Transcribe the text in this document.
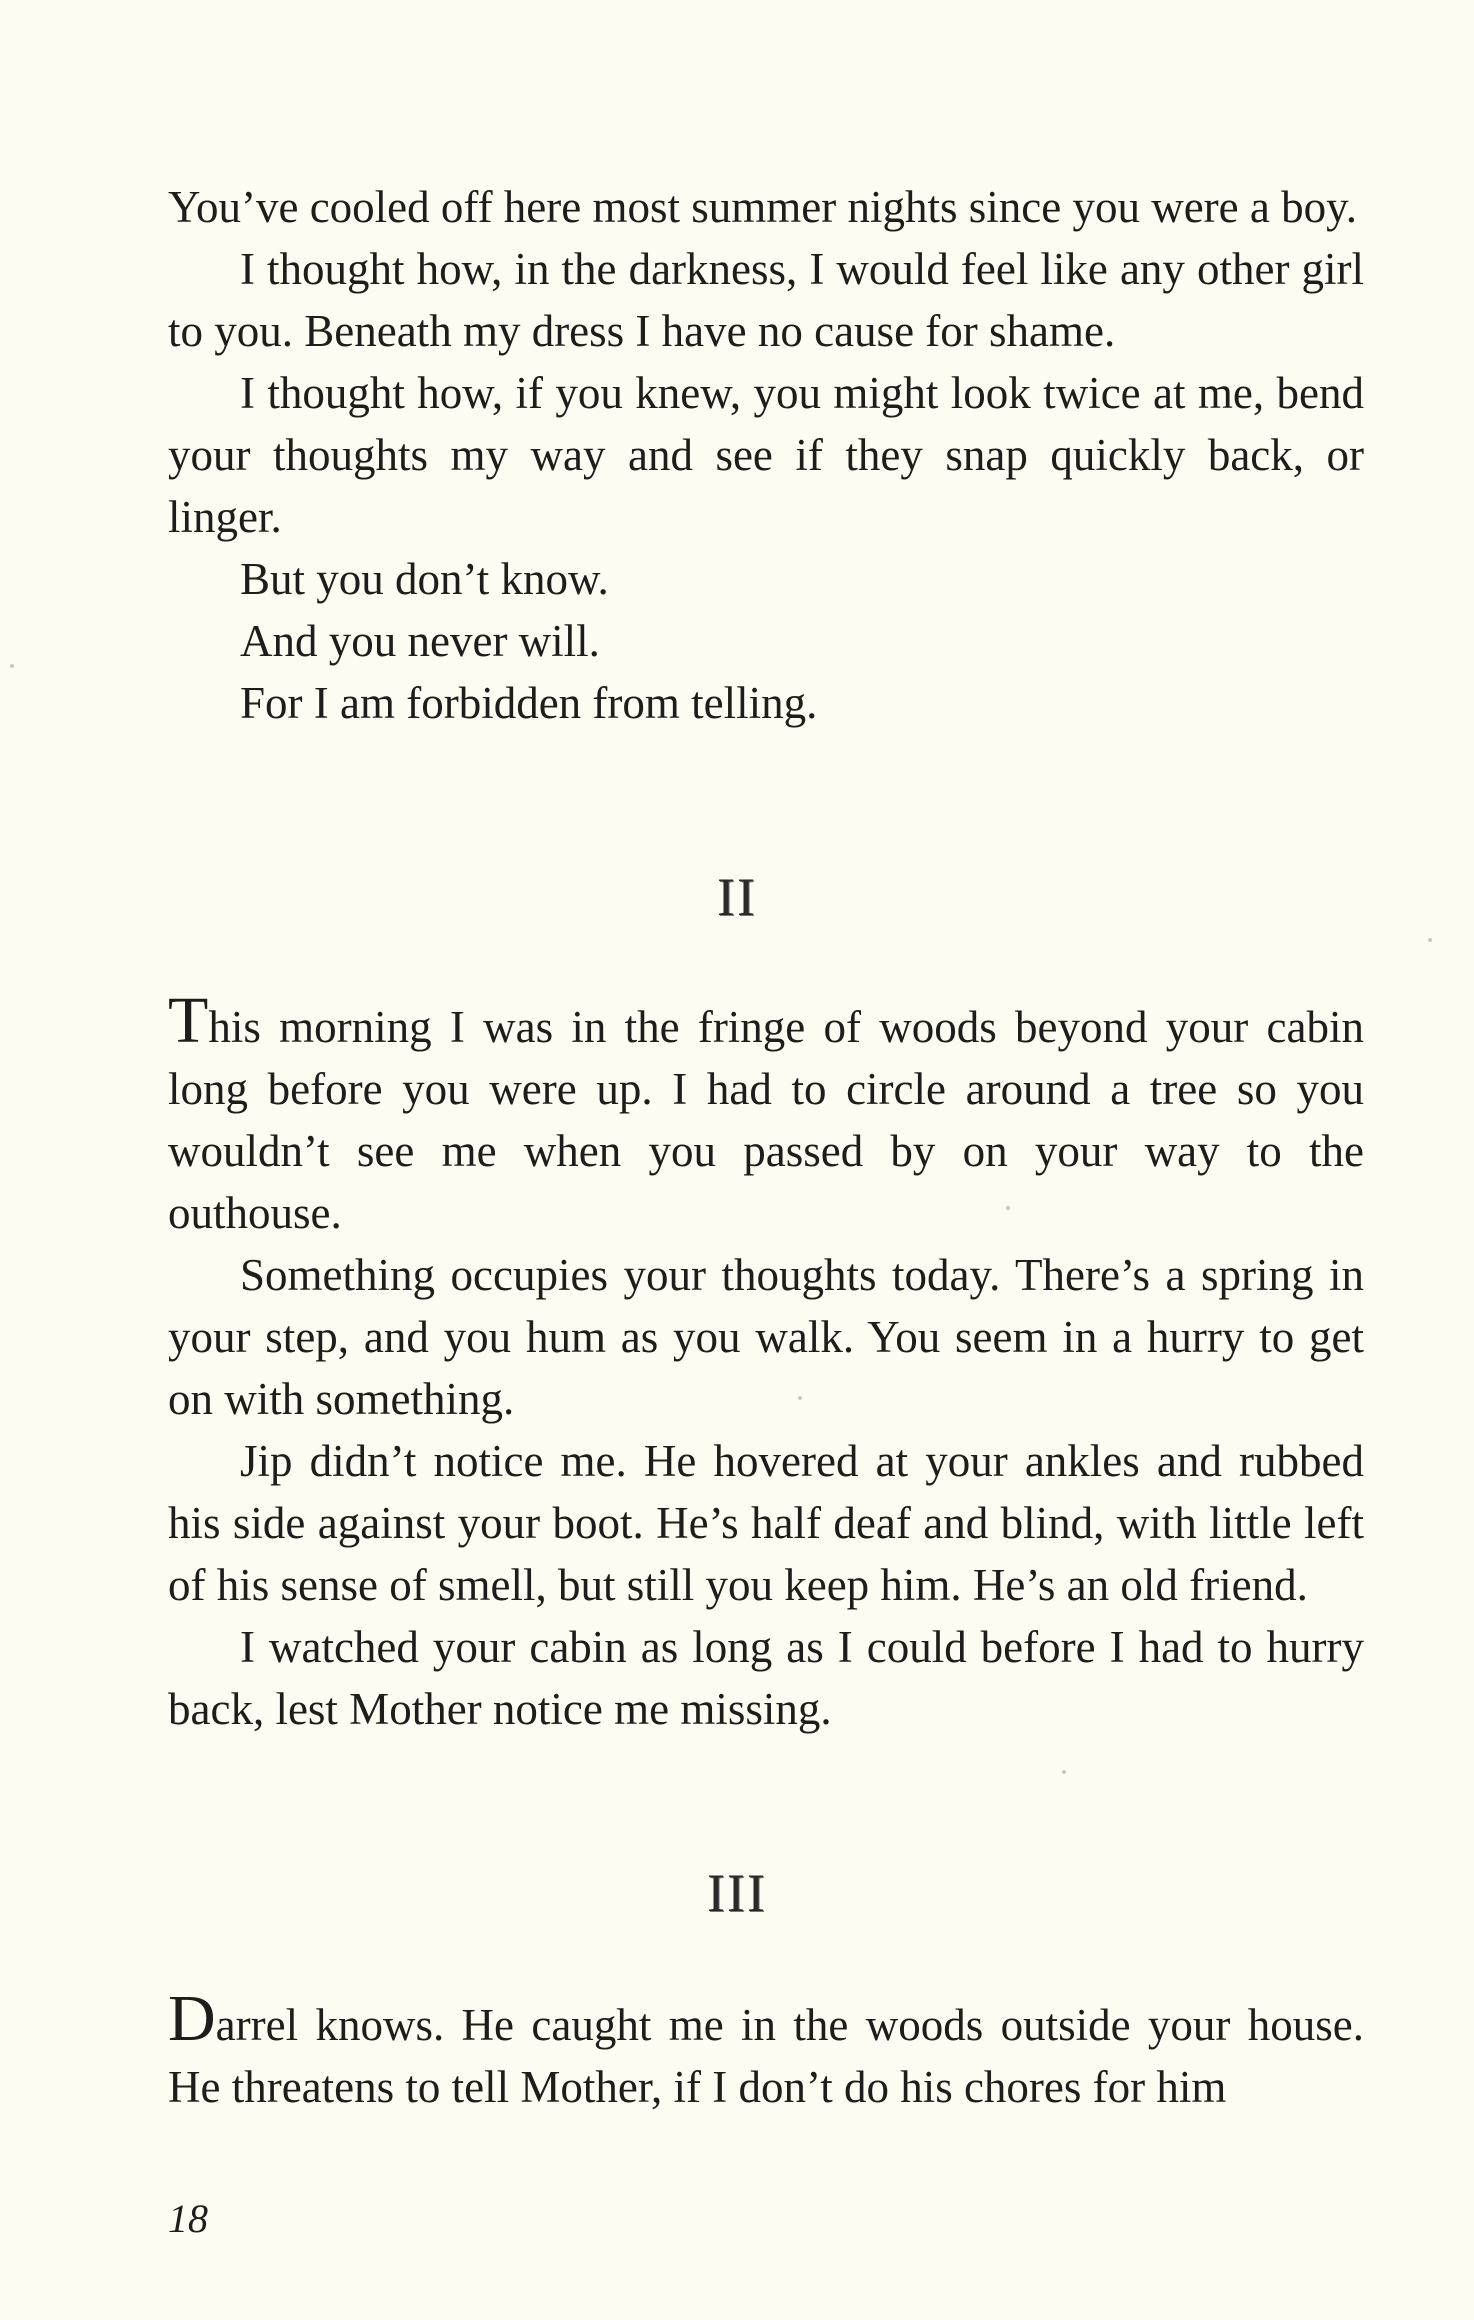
You’ve cooled off here most summer nights since you were a boy.

I thought how, in the darkness, I would feel like any other girl to you. Beneath my dress I have no cause for shame.

I thought how, if you knew, you might look twice at me, bend your thoughts my way and see if they snap quickly back, or linger.

But you don’t know.

And you never will.

For I am forbidden from telling.

II

This morning I was in the fringe of woods beyond your cabin long before you were up. I had to circle around a tree so you wouldn’t see me when you passed by on your way to the outhouse.

Something occupies your thoughts today. There’s a spring in your step, and you hum as you walk. You seem in a hurry to get on with something.

Jip didn’t notice me. He hovered at your ankles and rubbed his side against your boot. He’s half deaf and blind, with little left of his sense of smell, but still you keep him. He’s an old friend.

I watched your cabin as long as I could before I had to hurry back, lest Mother notice me missing.

III

Darrel knows. He caught me in the woods outside your house. He threatens to tell Mother, if I don’t do his chores for him

18
